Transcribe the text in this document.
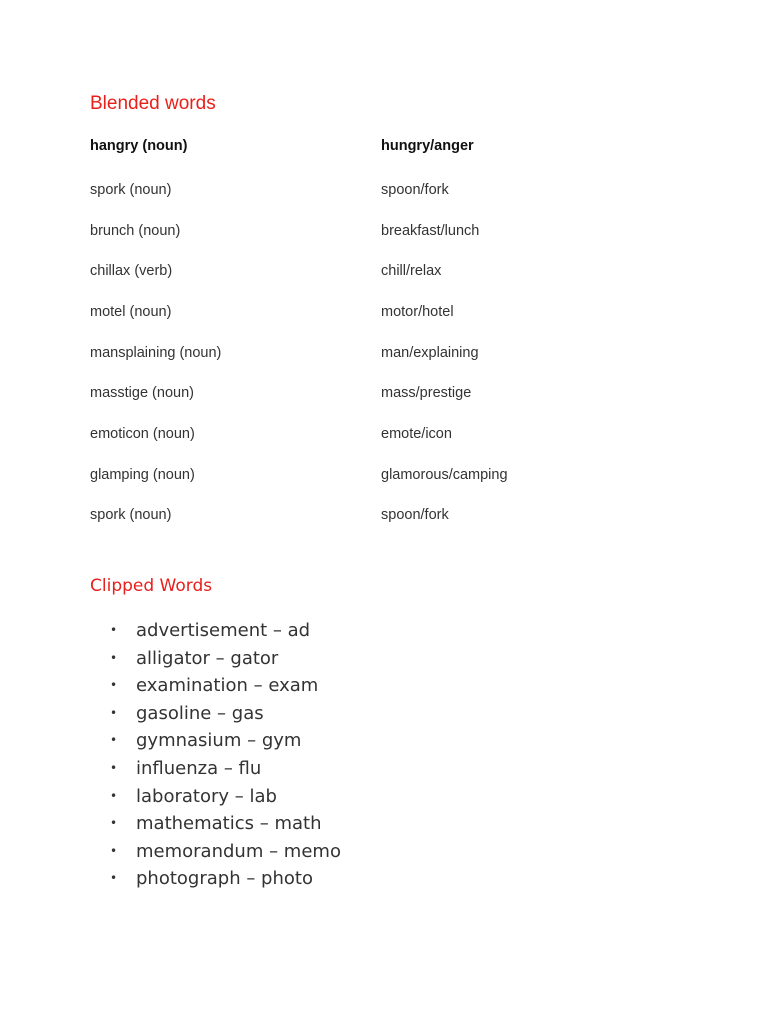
Blended words
hangry (noun)	hungry/anger
spork (noun)	spoon/fork
brunch (noun)	breakfast/lunch
chillax (verb)	chill/relax
motel (noun)	motor/hotel
mansplaining (noun)	man/explaining
masstige (noun)	mass/prestige
emoticon (noun)	emote/icon
glamping (noun)	glamorous/camping
spork (noun)	spoon/fork
Clipped Words
• advertisement – ad
• alligator – gator
• examination – exam
• gasoline – gas
• gymnasium – gym
• influenza – flu
• laboratory – lab
• mathematics – math
• memorandum – memo
• photograph – photo
